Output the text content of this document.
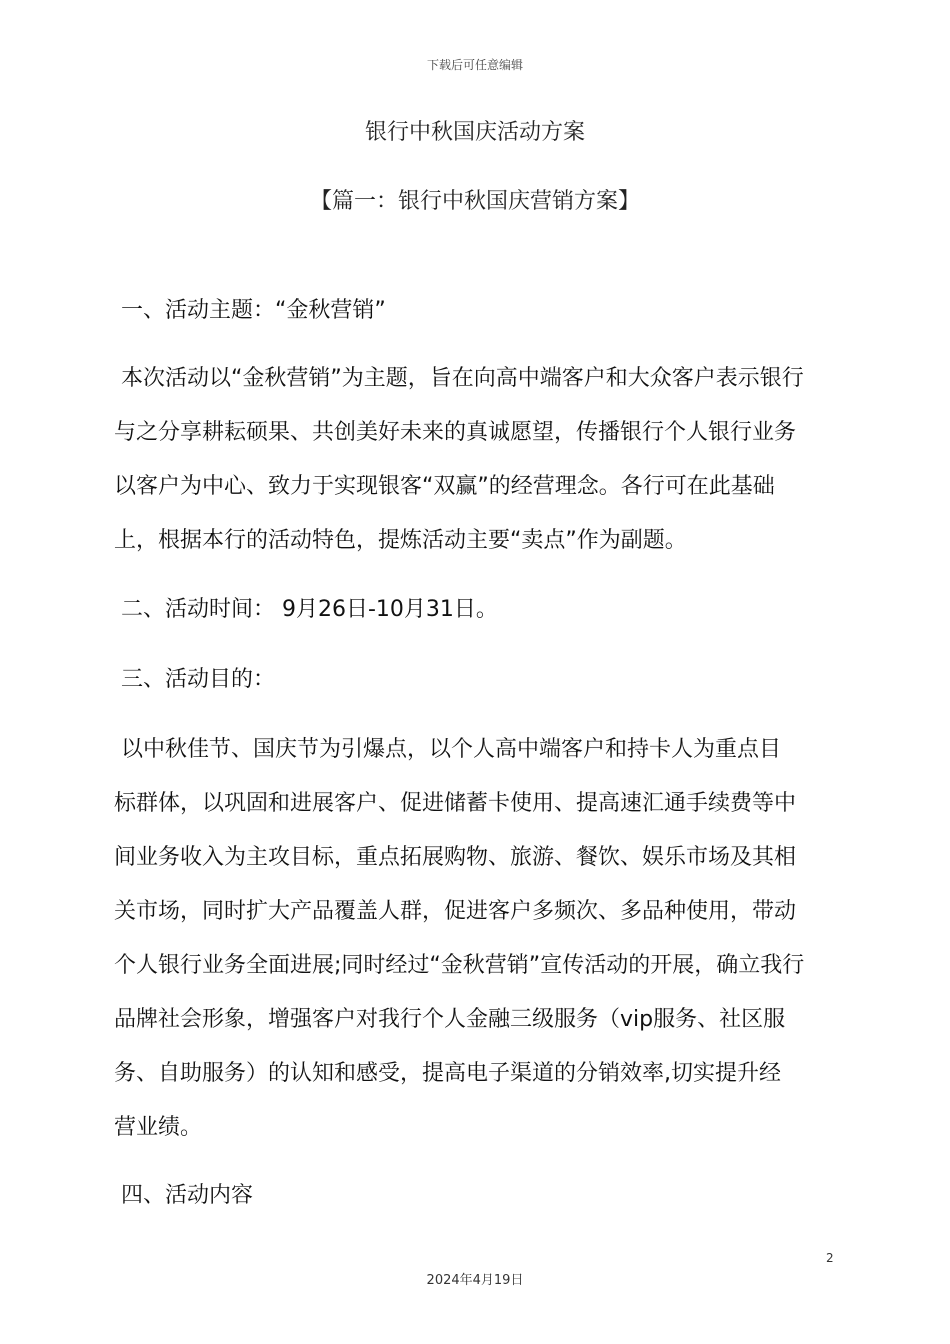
下载后可任意编辑
银行中秋国庆活动方案
【篇一：银行中秋国庆营销方案】
一、活动主题：“金秋营销”
本次活动以“金秋营销”为主题，旨在向高中端客户和大众客户表示银行
与之分享耕耘硕果、共创美好未来的真诚愿望，传播银行个人银行业务
以客户为中心、致力于实现银客“双赢”的经营理念。各行可在此基础
上，根据本行的活动特色，提炼活动主要“卖点”作为副题。
二、活动时间： 9月26日-10月31日。
三、活动目的：
以中秋佳节、国庆节为引爆点，以个人高中端客户和持卡人为重点目
标群体，以巩固和进展客户、促进储蓄卡使用、提高速汇通手续费等中
间业务收入为主攻目标，重点拓展购物、旅游、餐饮、娱乐市场及其相
关市场，同时扩大产品覆盖人群，促进客户多频次、多品种使用，带动
个人银行业务全面进展;同时经过“金秋营销”宣传活动的开展，确立我行
品牌社会形象，增强客户对我行个人金融三级服务（vip服务、社区服
务、自助服务）的认知和感受，提高电子渠道的分销效率,切实提升经
营业绩。
四、活动内容
2
2024年4月19日
